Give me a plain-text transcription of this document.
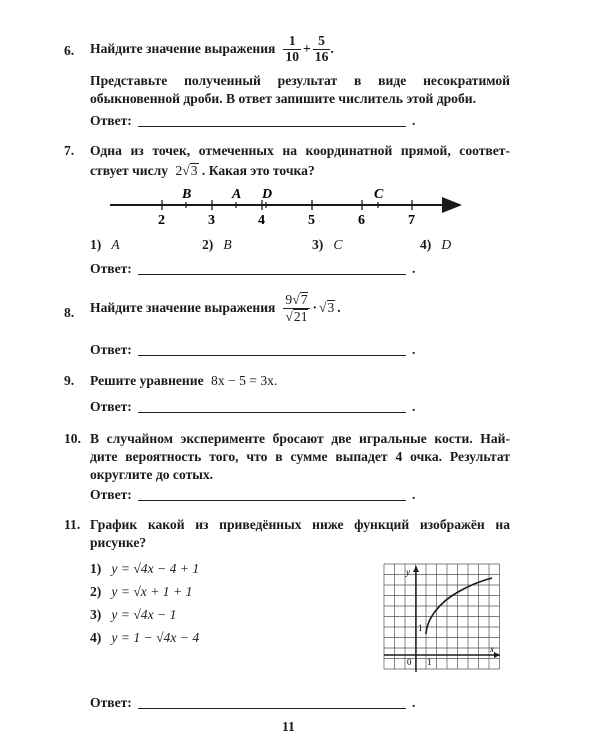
6. Найдите значение выражения $\frac{1}{10} + \frac{5}{16}$ .
Представьте полученный результат в виде несократимой
обыкновенной дроби. В ответ запишите числитель этой дроби.
Ответ:	.
7. Одна из точек, отмеченных на координатной прямой, соответ-
ствует числу 2√3 . Какая это точка?
2	3	4	5	6	7
B	A D	C
1) A	2) B	3) C	4) D
Ответ:	.
8. Найдите значение выражения $\frac{9√7}{√21} \cdot √3$ .
Ответ:	.
9. Решите уравнение 8x − 5 = 3x.
Ответ:	.
10. В случайном эксперименте бросают две игральные кости. Най-
дите вероятность того, что в сумме выпадет 4 очка. Результат
округлите до сотых.
Ответ:	.
11. График какой из приведённых ниже функций изображён на
рисунке?
1) y = √4x − 4 + 1
2) y = √x + 1 + 1
3) y = √4x − 1
4) y = 1 − √4x − 4
y
x
0 1
1
Ответ:	.
11
